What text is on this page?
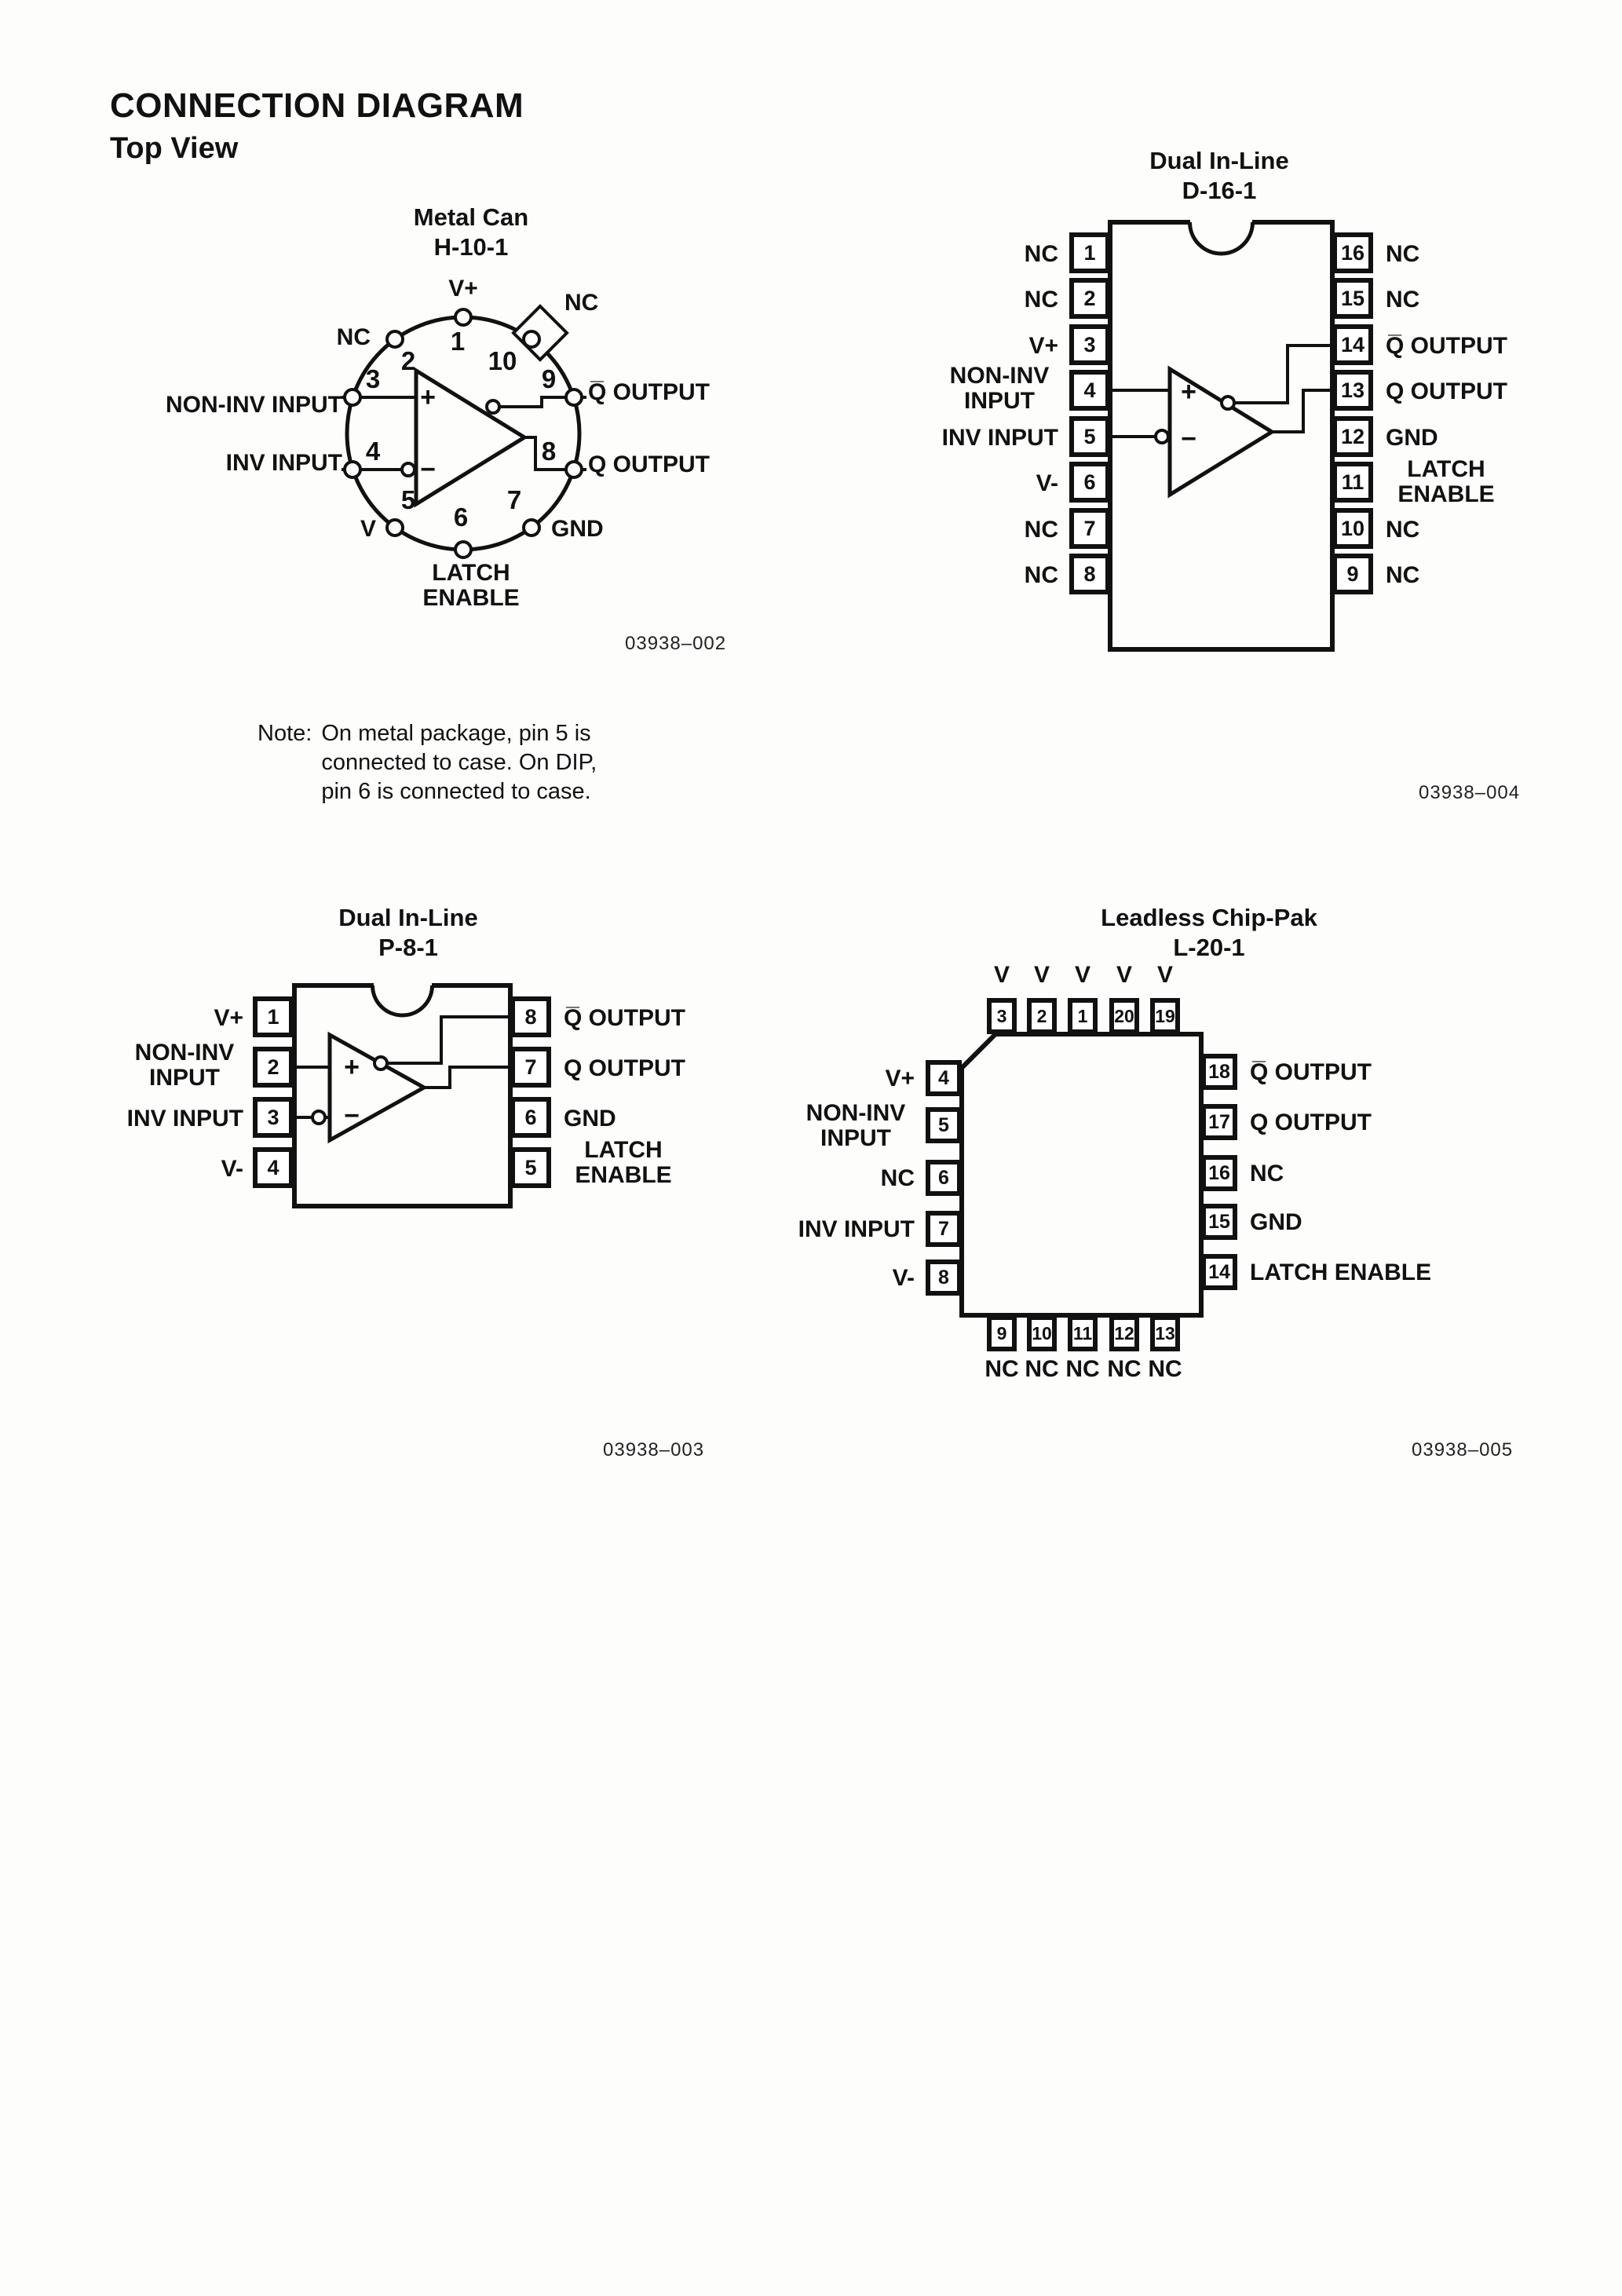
CONNECTION DIAGRAM
Top View
Metal Can
H-10-1
+
−
1
2
3
4
5
6
7
8
9
10
V+
NC
NON-INV INPUT
INV INPUT
V
LATCH ENABLE
GND
Q OUTPUT
Q̅ OUTPUT
NC
03938–002
Note: On metal package, pin 5 is connected to case. On DIP, pin 6 is connected to case.
Dual In-Line
D-16-1
+
−
1
2
3
4
5
6
7
8
NC
NC
V+
NON-INV INPUT
INV INPUT
V-
NC
NC
16
15
14
13
12
11
10
9
NC
NC
Q̅ OUTPUT
Q OUTPUT
GND
LATCH ENABLE
NC
NC
03938–004
Dual In-Line
P-8-1
+
−
1
2
3
4
V+
NON-INV INPUT
INV INPUT
V-
8
7
6
5
Q̅ OUTPUT
Q OUTPUT
GND
LATCH ENABLE
03938–003
Leadless Chip-Pak
L-20-1
V	V	V	V	V
3	2	1	20 19
4
5
6
7
8
V+
NON-INV INPUT
NC
INV INPUT
V-
18
17
16
15
14
Q̅ OUTPUT
Q OUTPUT
NC
GND
LATCH ENABLE
9	10 11 12 13
NC NC NC NC NC
03938–005
